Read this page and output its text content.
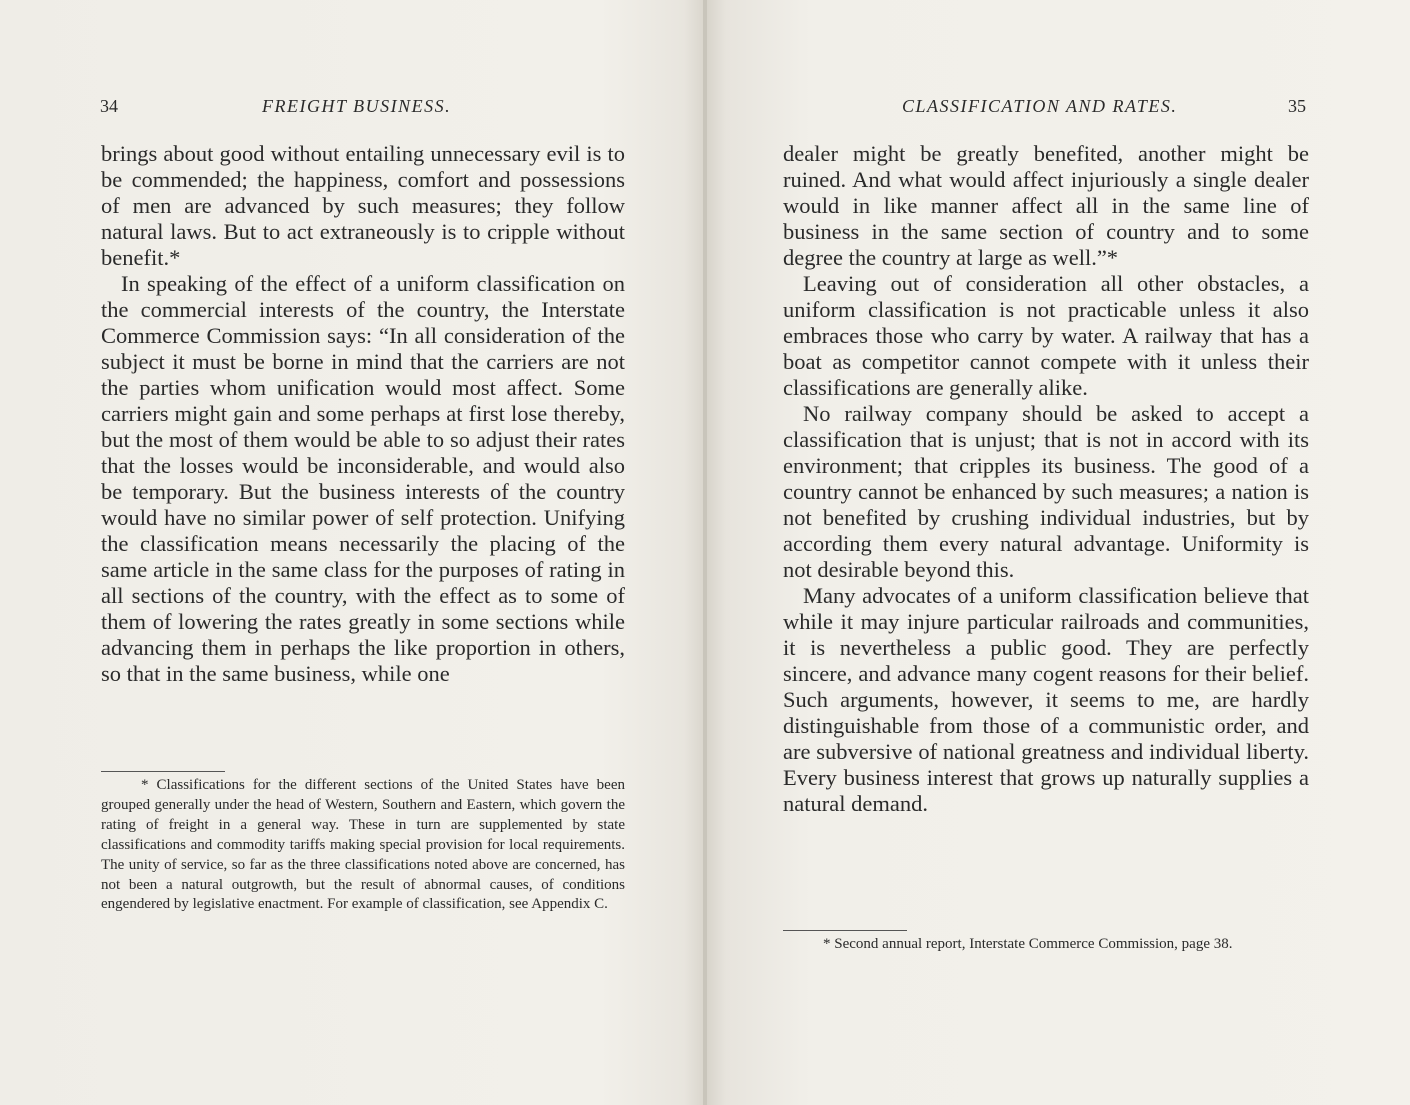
34	FREIGHT BUSINESS.

brings about good without entailing unnecessary evil is to be commended; the happiness, comfort and possessions of men are advanced by such measures; they follow natural laws. But to act extraneously is to cripple without benefit.*

In speaking of the effect of a uniform classification on the commercial interests of the country, the Interstate Commerce Commission says: “In all consideration of the subject it must be borne in mind that the carriers are not the parties whom unification would most affect. Some carriers might gain and some perhaps at first lose thereby, but the most of them would be able to so adjust their rates that the losses would be inconsiderable, and would also be temporary. But the business interests of the country would have no similar power of self protection. Unifying the classification means necessarily the placing of the same article in the same class for the purposes of rating in all sections of the country, with the effect as to some of them of lowering the rates greatly in some sections while advancing them in perhaps the like proportion in others, so that in the same business, while one

* Classifications for the different sections of the United States have been grouped generally under the head of Western, Southern and Eastern, which govern the rating of freight in a general way. These in turn are supplemented by state classifications and commodity tariffs making special provision for local requirements. The unity of service, so far as the three classifications noted above are concerned, has not been a natural outgrowth, but the result of abnormal causes, of conditions engendered by legislative enactment. For example of classification, see Appendix C.

CLASSIFICATION AND RATES.	35

dealer might be greatly benefited, another might be ruined. And what would affect injuriously a single dealer would in like manner affect all in the same line of business in the same section of country and to some degree the country at large as well.”*

Leaving out of consideration all other obstacles, a uniform classification is not practicable unless it also embraces those who carry by water. A railway that has a boat as competitor cannot compete with it unless their classifications are generally alike.

No railway company should be asked to accept a classification that is unjust; that is not in accord with its environment; that cripples its business. The good of a country cannot be enhanced by such measures; a nation is not benefited by crushing individual industries, but by according them every natural advantage. Uniformity is not desirable beyond this.

Many advocates of a uniform classification believe that while it may injure particular railroads and communities, it is nevertheless a public good. They are perfectly sincere, and advance many cogent reasons for their belief. Such arguments, however, it seems to me, are hardly distinguishable from those of a communistic order, and are subversive of national greatness and individual liberty. Every business interest that grows up naturally supplies a natural demand.

* Second annual report, Interstate Commerce Commission, page 38.
